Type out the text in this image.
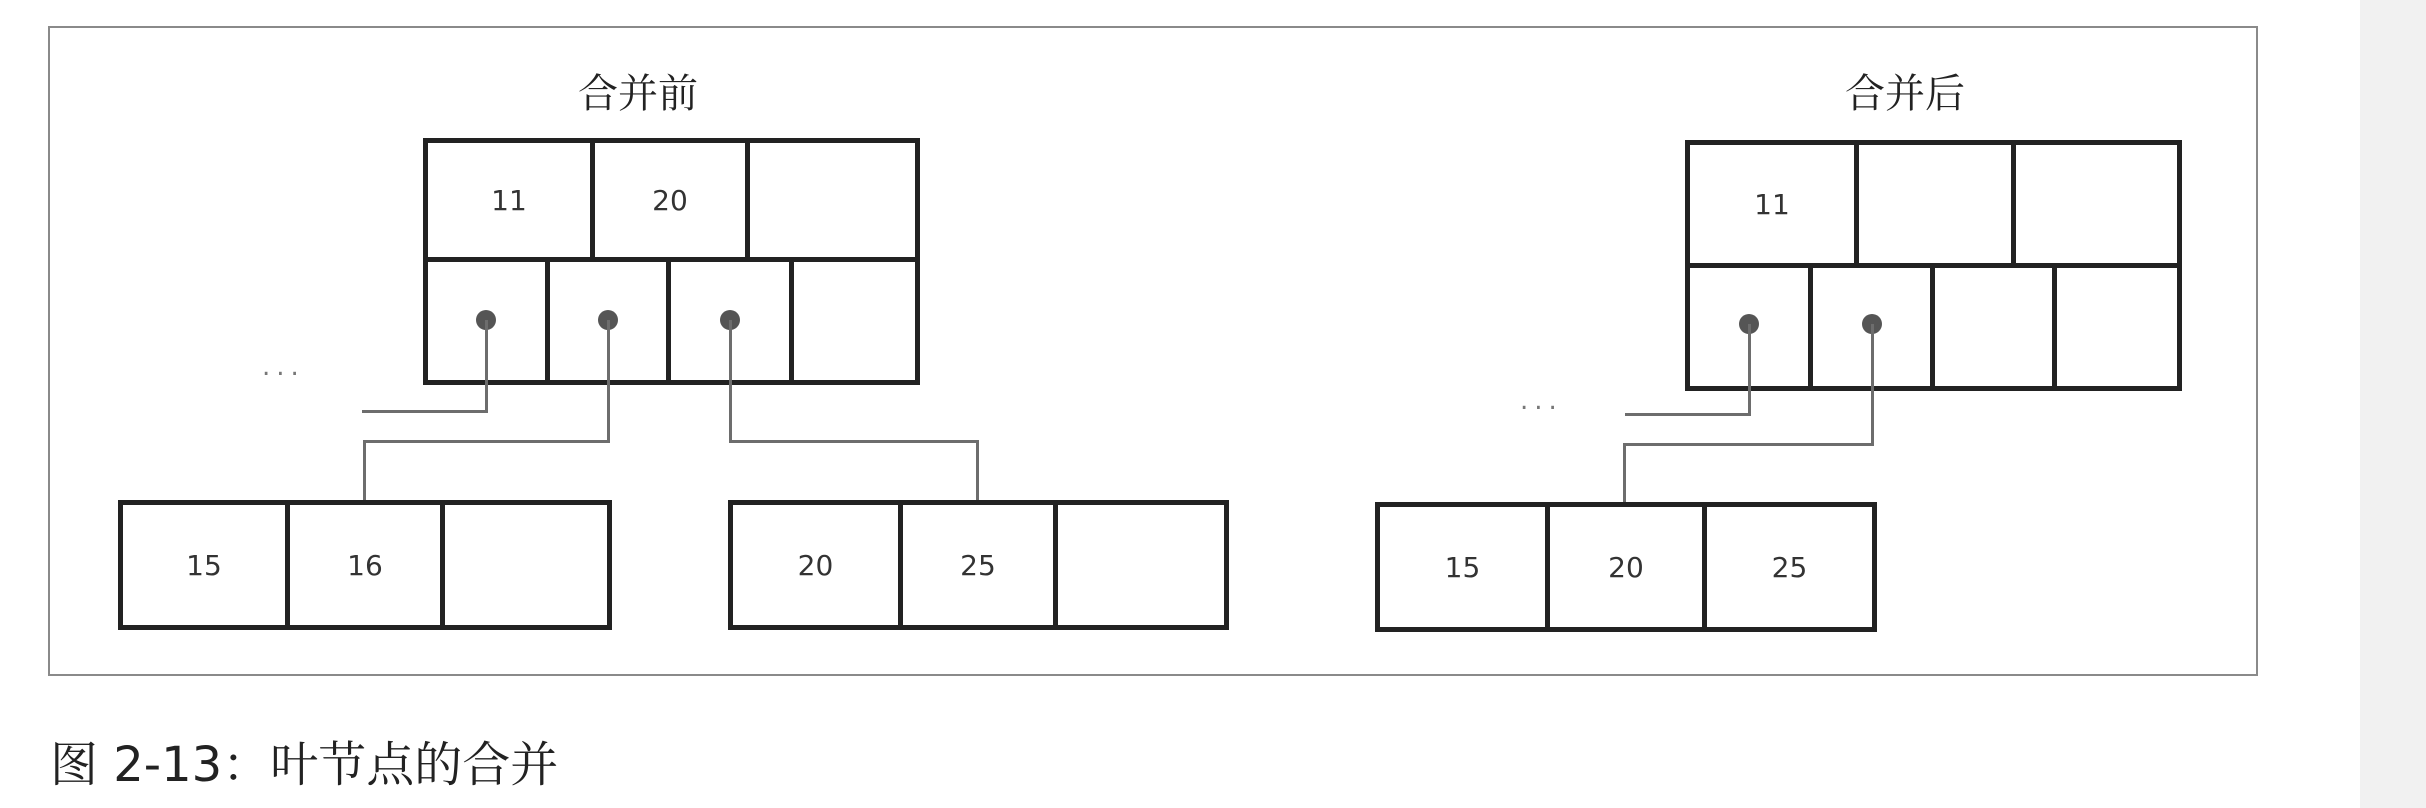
合并前
11	20
...
15	16	20	25
合并后
11
...
15	20	25
图 2-13：叶节点的合并
